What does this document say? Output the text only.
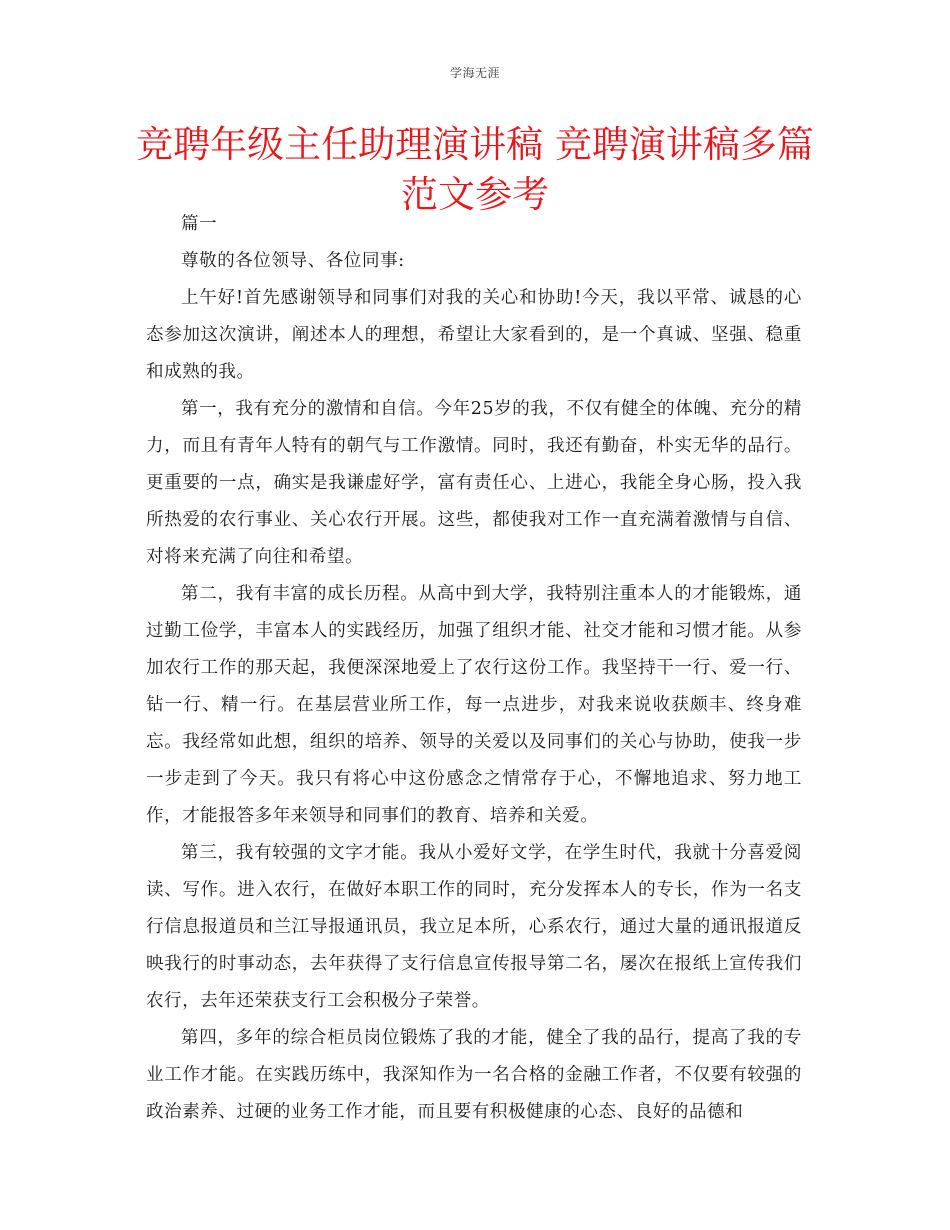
学海无涯
竞聘年级主任助理演讲稿 竞聘演讲稿多篇范文参考

篇一

尊敬的各位领导、各位同事:

上午好!首先感谢领导和同事们对我的关心和协助!今天，我以平常、诚恳的心态参加这次演讲，阐述本人的理想，希望让大家看到的，是一个真诚、坚强、稳重和成熟的我。

第一，我有充分的激情和自信。今年25岁的我，不仅有健全的体魄、充分的精力，而且有青年人特有的朝气与工作激情。同时，我还有勤奋，朴实无华的品行。更重要的一点，确实是我谦虚好学，富有责任心、上进心，我能全身心肠，投入我所热爱的农行事业、关心农行开展。这些，都使我对工作一直充满着激情与自信、对将来充满了向往和希望。

第二，我有丰富的成长历程。从高中到大学，我特别注重本人的才能锻炼，通过勤工俭学，丰富本人的实践经历，加强了组织才能、社交才能和习惯才能。从参加农行工作的那天起，我便深深地爱上了农行这份工作。我坚持干一行、爱一行、钻一行、精一行。在基层营业所工作，每一点进步，对我来说收获颇丰、终身难忘。我经常如此想，组织的培养、领导的关爱以及同事们的关心与协助，使我一步一步走到了今天。我只有将心中这份感念之情常存于心，不懈地追求、努力地工作，才能报答多年来领导和同事们的教育、培养和关爱。

第三，我有较强的文字才能。我从小爱好文学，在学生时代，我就十分喜爱阅读、写作。进入农行，在做好本职工作的同时，充分发挥本人的专长，作为一名支行信息报道员和兰江导报通讯员，我立足本所，心系农行，通过大量的通讯报道反映我行的时事动态，去年获得了支行信息宣传报导第二名，屡次在报纸上宣传我们农行，去年还荣获支行工会积极分子荣誉。

第四，多年的综合柜员岗位锻炼了我的才能，健全了我的品行，提高了我的专业工作才能。在实践历练中，我深知作为一名合格的金融工作者，不仅要有较强的政治素养、过硬的业务工作才能，而且要有积极健康的心态、良好的品德和
